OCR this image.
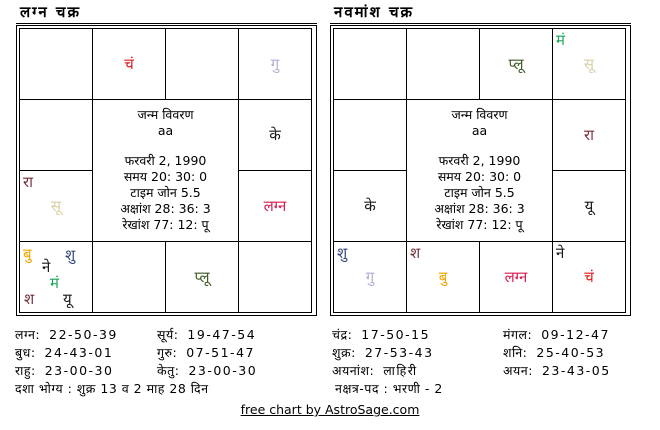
लग्न चक्र
चं	गु
रा
सू
के
लग्न
बु शु
ने
मं
श यू
प्लू
जन्म विवरण
aa
फरवरी 2, 1990
समय 20: 30: 0
टाइम जोन 5.5
अक्षांश 28: 36: 3
रेखांश 77: 12: पू
नवमांश चक्र
प्लू
मं
सू
के
रा
यू
शु
गु
श
बु	लग्न
ने
चं
जन्म विवरण
aa
फरवरी 2, 1990
समय 20: 30: 0
टाइम जोन 5.5
अक्षांश 28: 36: 3
रेखांश 77: 12: पू
लग्न: 22-50-39	सूर्य: 19-47-54	चंद्र: 17-50-15	मंगल: 09-12-47
बुध: 24-43-01	गुरु: 07-51-47	शुक्र: 27-53-43	शनि: 25-40-53
राहु: 23-00-30	केतु: 23-00-30	अयनांश: लाहिरी	अयन: 23-43-05
दशा भोग्य : शुक्र 13 व 2 माह 28 दिन	नक्षत्र-पद : भरणी - 2
free chart by AstroSage.com
